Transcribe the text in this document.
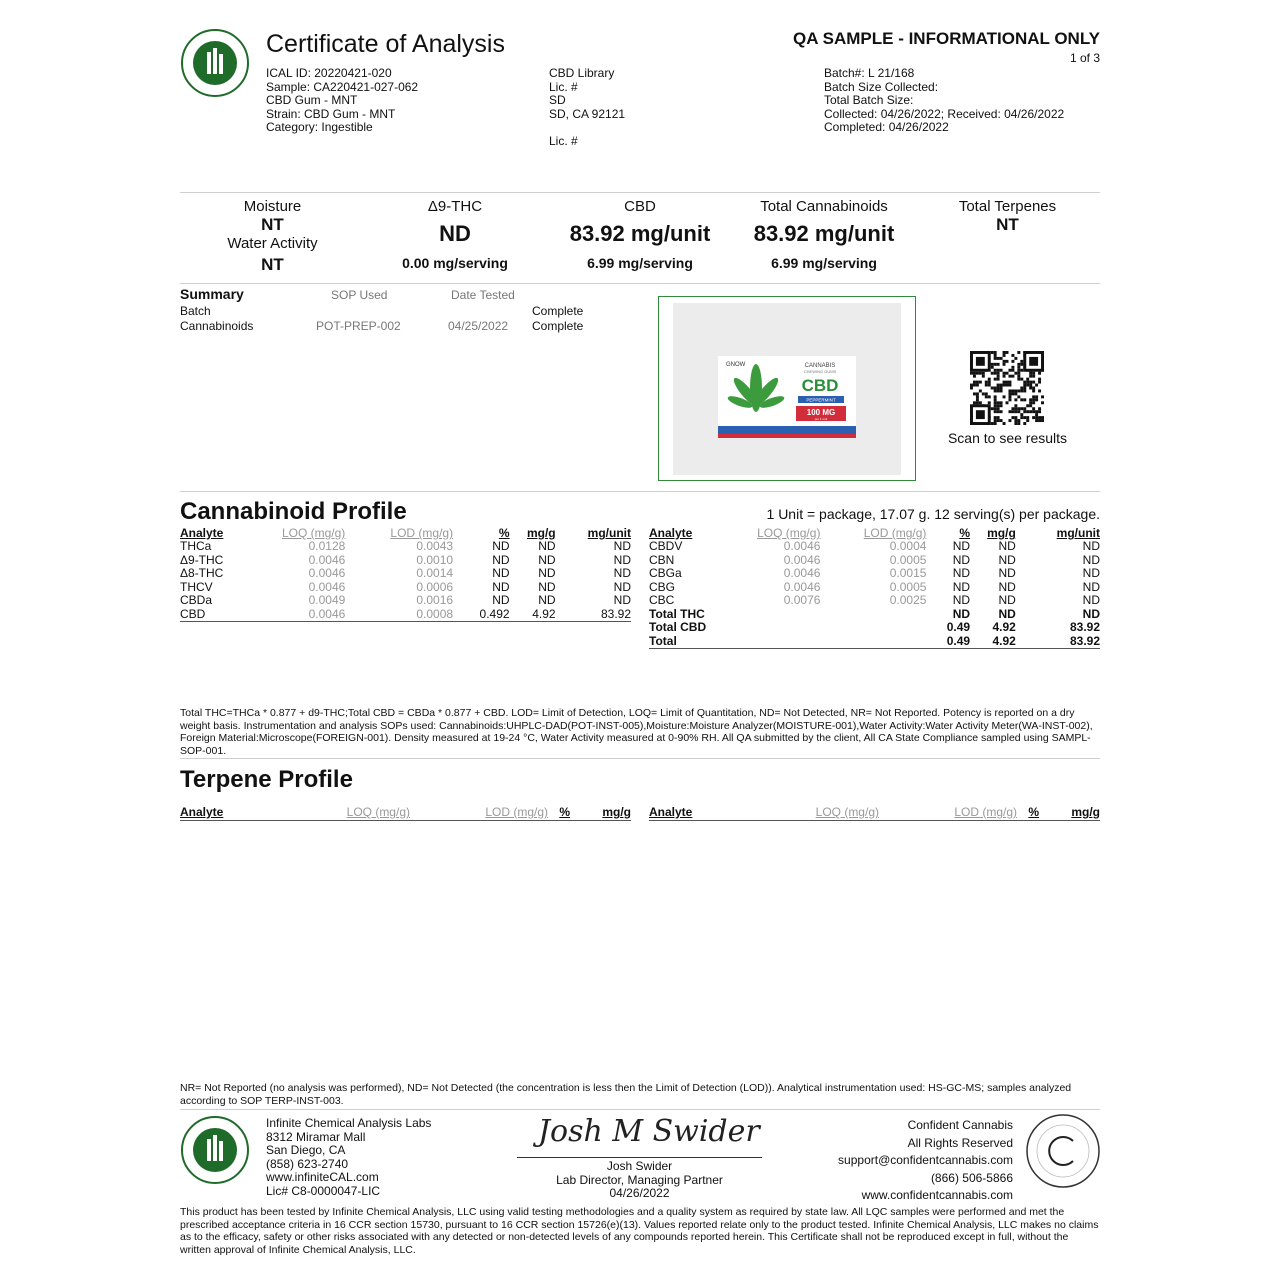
Certificate of Analysis	QA SAMPLE - INFORMATIONAL ONLY
1 of 3
ICAL ID: 20220421-020
Sample: CA220421-027-062
CBD Gum - MNT
Strain: CBD Gum - MNT
Category: Ingestible
CBD Library
Lic. #
SD
SD, CA 92121
Lic. #
Batch#: L 21/168
Batch Size Collected:
Total Batch Size:
Collected: 04/26/2022; Received: 04/26/2022
Completed: 04/26/2022
Moisture
NT
Water Activity
NT
Δ9-THC
ND
0.00 mg/serving
CBD
83.92 mg/unit
6.99 mg/serving
Total Cannabinoids
83.92 mg/unit
6.99 mg/serving
Total Terpenes
NT
Summary	SOP Used	Date Tested
Batch	Complete
Cannabinoids	POT-PREP-002	04/25/2022 Complete
GNOW	CANNABIS
CHEWING GUMS
CBD
PEPPERMINT
100 MG
per 1 unit
Scan to see results
Cannabinoid Profile	1 Unit = package, 17.07 g. 12 serving(s) per package.
Analyte	LOQ (mg/g)	LOD (mg/g)	%	mg/g	mg/unit
THCa	0.0128	0.0043	ND	ND	ND
Δ9-THC	0.0046	0.0010	ND	ND	ND
Δ8-THC	0.0046	0.0014	ND	ND	ND
THCV	0.0046	0.0006	ND	ND	ND
CBDa	0.0049	0.0016	ND	ND	ND
CBD	0.0046	0.0008	0.492	4.92	83.92
Analyte	LOQ (mg/g)	LOD (mg/g)	%	mg/g	mg/unit
CBDV	0.0046	0.0004	ND	ND	ND
CBN	0.0046	0.0005	ND	ND	ND
CBGa	0.0046	0.0015	ND	ND	ND
CBG	0.0046	0.0005	ND	ND	ND
CBC	0.0076	0.0025	ND	ND	ND
Total THC			ND	ND	ND
Total CBD			0.49	4.92	83.92
Total			0.49	4.92	83.92
Total THC=THCa * 0.877 + d9-THC;Total CBD = CBDa * 0.877 + CBD. LOD= Limit of Detection, LOQ= Limit of Quantitation, ND= Not Detected, NR= Not Reported. Potency is reported on a dry weight basis. Instrumentation and analysis SOPs used: Cannabinoids:UHPLC-DAD(POT-INST-005),Moisture:Moisture Analyzer(MOISTURE-001),Water Activity:Water Activity Meter(WA-INST-002), Foreign Material:Microscope(FOREIGN-001). Density measured at 19-24 °C, Water Activity measured at 0-90% RH. All QA submitted by the client, All CA State Compliance sampled using SAMPL-SOP-001.
Terpene Profile
Analyte	LOQ (mg/g)	LOD (mg/g)	%	mg/g Analyte	LOQ (mg/g)	LOD (mg/g)	%	mg/g
NR= Not Reported (no analysis was performed), ND= Not Detected (the concentration is less then the Limit of Detection (LOD)). Analytical instrumentation used: HS-GC-MS; samples analyzed according to SOP TERP-INST-003.
Infinite Chemical Analysis Labs
8312 Miramar Mall
San Diego, CA
(858) 623-2740
www.infiniteCAL.com
Lic# C8-0000047-LIC
Josh M Swider
Josh Swider
Lab Director, Managing Partner
04/26/2022
Confident Cannabis
All Rights Reserved
support@confidentcannabis.com
(866) 506-5866
www.confidentcannabis.com
This product has been tested by Infinite Chemical Analysis, LLC using valid testing methodologies and a quality system as required by state law. All LQC samples were performed and met the prescribed acceptance criteria in 16 CCR section 15730, pursuant to 16 CCR section 15726(e)(13). Values reported relate only to the product tested. Infinite Chemical Analysis, LLC makes no claims as to the efficacy, safety or other risks associated with any detected or non-detected levels of any compounds reported herein. This Certificate shall not be reproduced except in full, without the written approval of Infinite Chemical Analysis, LLC.
